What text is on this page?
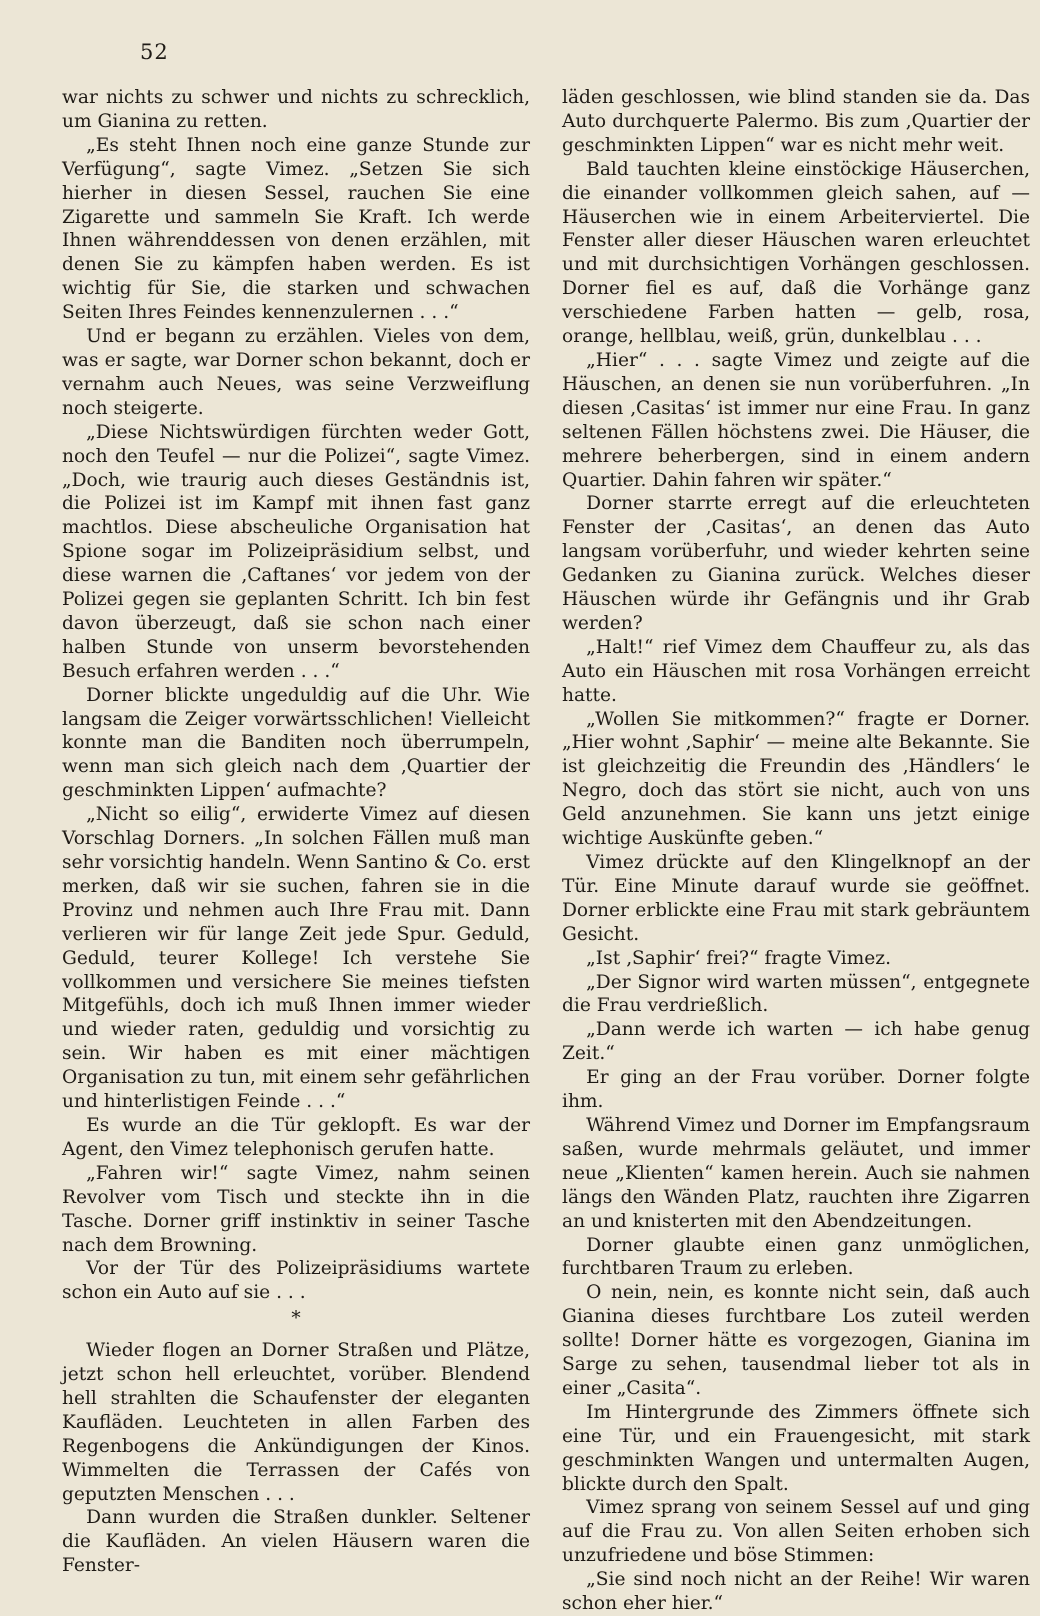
52

war nichts zu schwer und nichts zu schrecklich, um Gianina zu retten.

„Es steht Ihnen noch eine ganze Stunde zur Verfügung“, sagte Vimez. „Setzen Sie sich hierher in diesen Sessel, rauchen Sie eine Zigarette und sammeln Sie Kraft. Ich werde Ihnen währenddessen von denen erzählen, mit denen Sie zu kämpfen haben werden. Es ist wichtig für Sie, die starken und schwachen Seiten Ihres Feindes kennenzulernen . . .“

Und er begann zu erzählen. Vieles von dem, was er sagte, war Dorner schon bekannt, doch er vernahm auch Neues, was seine Verzweiflung noch steigerte.

„Diese Nichtswürdigen fürchten weder Gott, noch den Teufel — nur die Polizei“, sagte Vimez. „Doch, wie traurig auch dieses Geständnis ist, die Polizei ist im Kampf mit ihnen fast ganz machtlos. Diese abscheuliche Organisation hat Spione sogar im Polizeipräsidium selbst, und diese warnen die ‚Caftanes‘ vor jedem von der Polizei gegen sie geplanten Schritt. Ich bin fest davon überzeugt, daß sie schon nach einer halben Stunde von unserm bevorstehenden Besuch erfahren werden . . .“

Dorner blickte ungeduldig auf die Uhr. Wie langsam die Zeiger vorwärtsschlichen! Vielleicht konnte man die Banditen noch überrumpeln, wenn man sich gleich nach dem ‚Quartier der geschminkten Lippen‘ aufmachte?

„Nicht so eilig“, erwiderte Vimez auf diesen Vorschlag Dorners. „In solchen Fällen muß man sehr vorsichtig handeln. Wenn Santino & Co. erst merken, daß wir sie suchen, fahren sie in die Provinz und nehmen auch Ihre Frau mit. Dann verlieren wir für lange Zeit jede Spur. Geduld, Geduld, teurer Kollege! Ich verstehe Sie vollkommen und versichere Sie meines tiefsten Mitgefühls, doch ich muß Ihnen immer wieder und wieder raten, geduldig und vorsichtig zu sein. Wir haben es mit einer mächtigen Organisation zu tun, mit einem sehr gefährlichen und hinterlistigen Feinde . . .“

Es wurde an die Tür geklopft. Es war der Agent, den Vimez telephonisch gerufen hatte.

„Fahren wir!“ sagte Vimez, nahm seinen Revolver vom Tisch und steckte ihn in die Tasche. Dorner griff instinktiv in seiner Tasche nach dem Browning.

Vor der Tür des Polizeipräsidiums wartete schon ein Auto auf sie . . .

*

Wieder flogen an Dorner Straßen und Plätze, jetzt schon hell erleuchtet, vorüber. Blendend hell strahlten die Schaufenster der eleganten Kaufläden. Leuchteten in allen Farben des Regenbogens die Ankündigungen der Kinos. Wimmelten die Terrassen der Cafés von geputzten Menschen . . .

Dann wurden die Straßen dunkler. Seltener die Kaufläden. An vielen Häusern waren die Fenster-

läden geschlossen, wie blind standen sie da. Das Auto durchquerte Palermo. Bis zum ‚Quartier der geschminkten Lippen“ war es nicht mehr weit.

Bald tauchten kleine einstöckige Häuserchen, die einander vollkommen gleich sahen, auf — Häuserchen wie in einem Arbeiterviertel. Die Fenster aller dieser Häuschen waren erleuchtet und mit durchsichtigen Vorhängen geschlossen. Dorner fiel es auf, daß die Vorhänge ganz verschiedene Farben hatten — gelb, rosa, orange, hellblau, weiß, grün, dunkelblau . . .

„Hier“ . . . sagte Vimez und zeigte auf die Häuschen, an denen sie nun vorüberfuhren. „In diesen ‚Casitas‘ ist immer nur eine Frau. In ganz seltenen Fällen höchstens zwei. Die Häuser, die mehrere beherbergen, sind in einem andern Quartier. Dahin fahren wir später.“

Dorner starrte erregt auf die erleuchteten Fenster der ‚Casitas‘, an denen das Auto langsam vorüberfuhr, und wieder kehrten seine Gedanken zu Gianina zurück. Welches dieser Häuschen würde ihr Gefängnis und ihr Grab werden?

„Halt!“ rief Vimez dem Chauffeur zu, als das Auto ein Häuschen mit rosa Vorhängen erreicht hatte.

„Wollen Sie mitkommen?“ fragte er Dorner. „Hier wohnt ‚Saphir‘ — meine alte Bekannte. Sie ist gleichzeitig die Freundin des ‚Händlers‘ le Negro, doch das stört sie nicht, auch von uns Geld anzunehmen. Sie kann uns jetzt einige wichtige Auskünfte geben.“

Vimez drückte auf den Klingelknopf an der Tür. Eine Minute darauf wurde sie geöffnet. Dorner erblickte eine Frau mit stark gebräuntem Gesicht.

„Ist ‚Saphir‘ frei?“ fragte Vimez.

„Der Signor wird warten müssen“, entgegnete die Frau verdrießlich.

„Dann werde ich warten — ich habe genug Zeit.“

Er ging an der Frau vorüber. Dorner folgte ihm.

Während Vimez und Dorner im Empfangsraum saßen, wurde mehrmals geläutet, und immer neue „Klienten“ kamen herein. Auch sie nahmen längs den Wänden Platz, rauchten ihre Zigarren an und knisterten mit den Abendzeitungen.

Dorner glaubte einen ganz unmöglichen, furchtbaren Traum zu erleben.

O nein, nein, es konnte nicht sein, daß auch Gianina dieses furchtbare Los zuteil werden sollte! Dorner hätte es vorgezogen, Gianina im Sarge zu sehen, tausendmal lieber tot als in einer „Casita“.

Im Hintergrunde des Zimmers öffnete sich eine Tür, und ein Frauengesicht, mit stark geschminkten Wangen und untermalten Augen, blickte durch den Spalt.

Vimez sprang von seinem Sessel auf und ging auf die Frau zu. Von allen Seiten erhoben sich unzufriedene und böse Stimmen:

„Sie sind noch nicht an der Reihe! Wir waren schon eher hier.“
